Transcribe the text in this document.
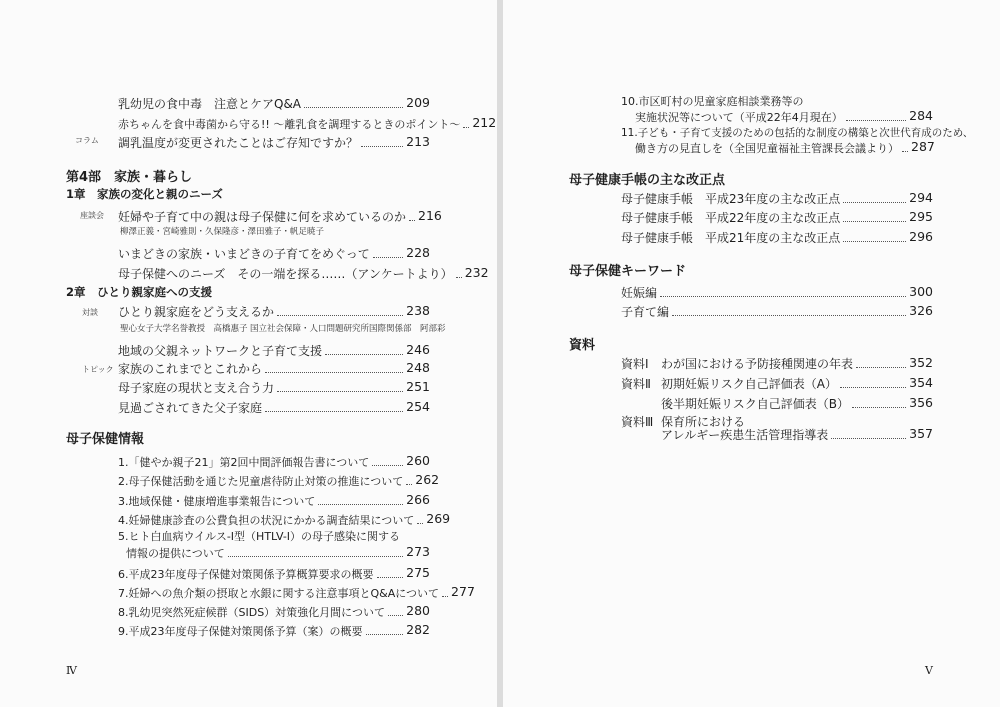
乳幼児の食中毒　注意とケアQ&A	209
赤ちゃんを食中毒菌から守る!! ～離乳食を調理するときのポイント～ 212
コラム 調乳温度が変更されたことはご存知ですか？	213
第4部　家族・暮らし
1章　家族の変化と親のニーズ
座談会 妊婦や子育て中の親は母子保健に何を求めているのか 216
柳澤正義・宮崎雅則・久保隆彦・澤田雅子・帆足暁子
いまどきの家族・いまどきの子育てをめぐって	228
母子保健へのニーズ　その一端を探る……（アンケートより） 232
2章　ひとり親家庭への支援
対談 ひとり親家庭をどう支えるか	238
聖心女子大学名誉教授　高橋惠子 国立社会保障・人口問題研究所国際関係部　阿部彩
地域の父親ネットワークと子育て支援	246
トピック 家族のこれまでとこれから	248
母子家庭の現状と支え合う力	251
見過ごされてきた父子家庭	254
母子保健情報
1.「健やか親子21」第2回中間評価報告書について	260
2.母子保健活動を通じた児童虐待防止対策の推進について 262
3.地域保健・健康増進事業報告について	266
4.妊婦健康診査の公費負担の状況にかかる調査結果について 269
5.ヒト白血病ウイルス-Ⅰ型（HTLV-Ⅰ）の母子感染に関する
情報の提供について	273
6.平成23年度母子保健対策関係予算概算要求の概要	275
7.妊婦への魚介類の摂取と水銀に関する注意事項とQ&Aについて 277
8.乳幼児突然死症候群（SIDS）対策強化月間について 280
9.平成23年度母子保健対策関係予算（案）の概要	282
Ⅳ
10.市区町村の児童家庭相談業務等の
実施状況等について（平成22年4月現在）	284
11.子ども・子育て支援のための包括的な制度の構築と次世代育成のため、
働き方の見直しを（全国児童福祉主管課長会議より） 287
母子健康手帳の主な改正点
母子健康手帳　平成23年度の主な改正点	294
母子健康手帳　平成22年度の主な改正点	295
母子健康手帳　平成21年度の主な改正点	296
母子保健キーワード
妊娠編	300
子育て編	326
資料
資料Ⅰ	わが国における予防接種関連の年表	352
資料Ⅱ 初期妊娠リスク自己評価表（A）	354
後半期妊娠リスク自己評価表（B）	356
資料Ⅲ 保育所における
アレルギー疾患生活管理指導表	357
Ⅴ
